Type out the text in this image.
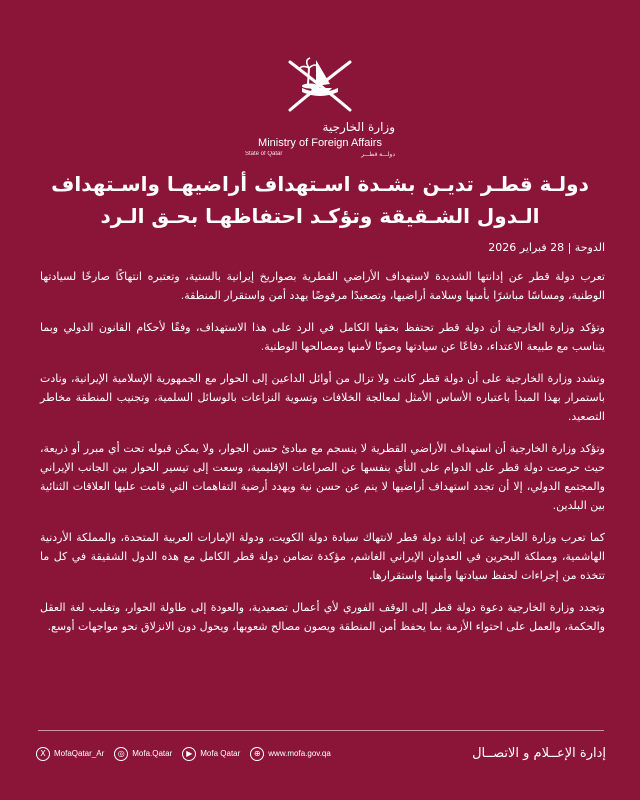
وزارة الخارجية
Ministry of Foreign Affairs
State of Qatar	دولـــة قطـــر
دولـة قطـر تديـن بشـدة اسـتهداف أراضيهـا واسـتهداف
الـدول الشـقيقة وتؤكـد احتفاظهـا بحـق الـرد

الدوحة | 28 فبراير 2026

تعرب دولة قطر عن إدانتها الشديدة لاستهداف الأراضي القطرية بصواريخ إيرانية بالستية، وتعتبره انتهاكًا صارخًا لسيادتها الوطنية، ومساسًا مباشرًا بأمنها وسلامة أراضيها، وتصعيدًا مرفوضًا يهدد أمن واستقرار المنطقة.

وتؤكد وزارة الخارجية أن دولة قطر تحتفظ بحقها الكامل في الرد على هذا الاستهداف، وفقًا لأحكام القانون الدولي وبما يتناسب مع طبيعة الاعتداء، دفاعًا عن سيادتها وصونًا لأمنها ومصالحها الوطنية.

وتشدد وزارة الخارجية على أن دولة قطر كانت ولا تزال من أوائل الداعين إلى الحوار مع الجمهورية الإسلامية الإيرانية، ونادت باستمرار بهذا المبدأ باعتباره الأساس الأمثل لمعالجة الخلافات وتسوية النزاعات بالوسائل السلمية، وتجنيب المنطقة مخاطر التصعيد.

وتؤكد وزارة الخارجية أن استهداف الأراضي القطرية لا ينسجم مع مبادئ حسن الجوار، ولا يمكن قبوله تحت أي مبرر أو ذريعة، حيث حرصت دولة قطر على الدوام على النأي بنفسها عن الصراعات الإقليمية، وسعت إلى تيسير الحوار بين الجانب الإيراني والمجتمع الدولي، إلا أن تجدد استهداف أراضيها لا ينم عن حسن نية ويهدد أرضية التفاهمات التي قامت عليها العلاقات الثنائية بين البلدين.

كما تعرب وزارة الخارجية عن إدانة دولة قطر لانتهاك سيادة دولة الكويت، ودولة الإمارات العربية المتحدة، والمملكة الأردنية الهاشمية، ومملكة البحرين في العدوان الإيراني الغاشم، مؤكدة تضامن دولة قطر الكامل مع هذه الدول الشقيقة في كل ما تتخذه من إجراءات لحفظ سيادتها وأمنها واستقرارها.

وتجدد وزارة الخارجية دعوة دولة قطر إلى الوقف الفوري لأي أعمال تصعيدية، والعودة إلى طاولة الحوار، وتغليب لغة العقل والحكمة، والعمل على احتواء الأزمة بما يحفظ أمن المنطقة ويصون مصالح شعوبها، ويحول دون الانزلاق نحو مواجهات أوسع.

X	MofaQatar_Ar	◎ Mofa.Qatar	▶ Mofa Qatar	⊕ www.mofa.gov.qa	إدارة الإعــلام و الاتصــال
